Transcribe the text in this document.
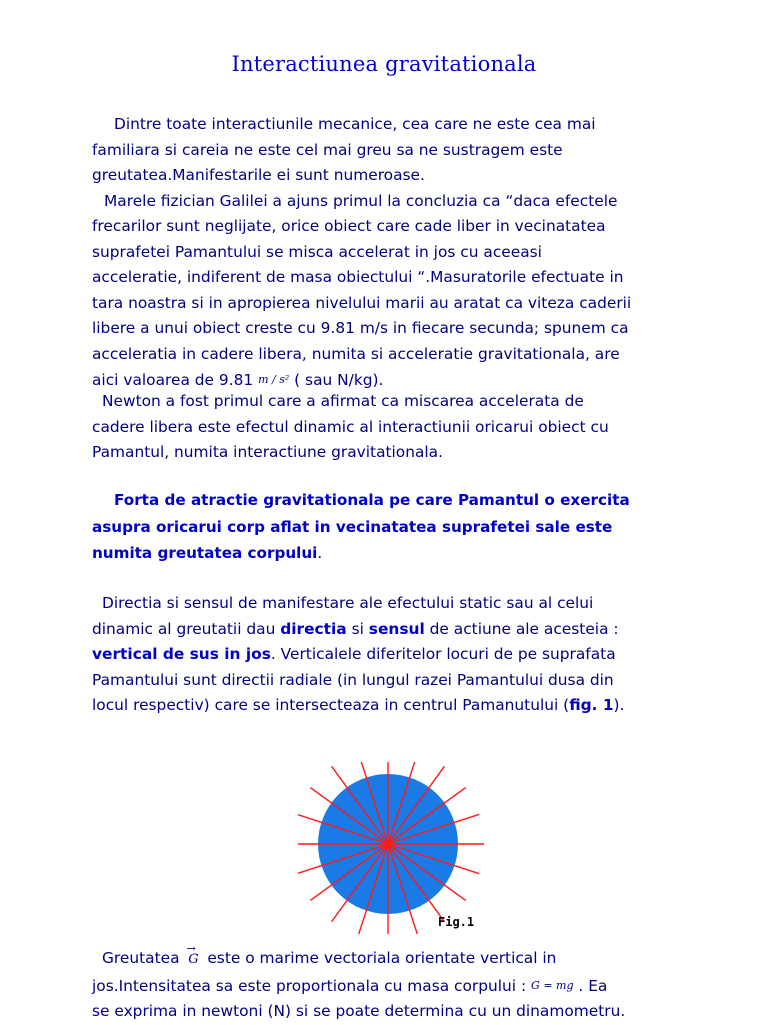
Interactiunea gravitationala
Dintre toate interactiunile mecanice, cea care ne este cea mai
familiara si careia ne este cel mai greu sa ne sustragem este
greutatea.Manifestarile ei sunt numeroase.
Marele fizician Galilei a ajuns primul la concluzia ca “daca efectele
frecarilor sunt neglijate, orice obiect care cade liber in vecinatatea
suprafetei Pamantului se misca accelerat in jos cu aceeasi
acceleratie, indiferent de masa obiectului “.Masuratorile efectuate in
tara noastra si in apropierea nivelului marii au aratat ca viteza caderii
libere a unui obiect creste cu 9.81 m/s in fiecare secunda; spunem ca
acceleratia in cadere libera, numita si acceleratie gravitationala, are
aici valoarea de 9.81 m / s² ( sau N/kg).
Newton a fost primul care a afirmat ca miscarea accelerata de
cadere libera este efectul dinamic al interactiunii oricarui obiect cu
Pamantul, numita interactiune gravitationala.
Forta de atractie gravitationala pe care Pamantul o exercita
asupra oricarui corp aflat in vecinatatea suprafetei sale este
numita greutatea corpului.
Directia si sensul de manifestare ale efectului static sau al celui
dinamic al greutatii dau directia si sensul de actiune ale acesteia :
vertical de sus in jos. Verticalele diferitelor locuri de pe suprafata
Pamantului sunt directii radiale (in lungul razei Pamantului dusa din
locul respectiv) care se intersecteaza in centrul Pamanutului (fig. 1).
Fig.1
Greutatea
→
G este o marime vectoriala orientate vertical in
jos.Intensitatea sa este proportionala cu masa corpului : G = mg . Ea
se exprima in newtoni (N) si se poate determina cu un dinamometru.
